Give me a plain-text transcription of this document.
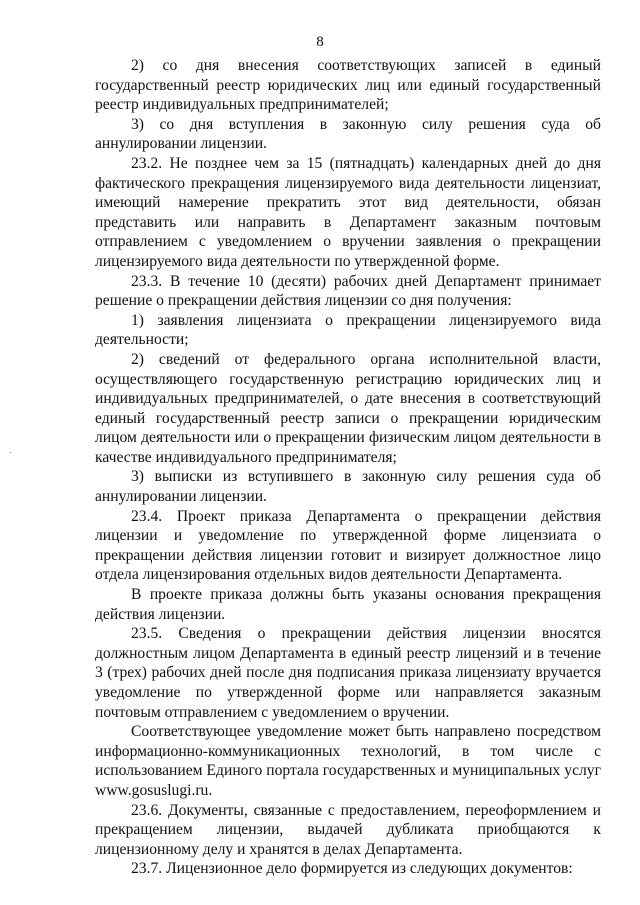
8

2) со дня внесения соответствующих записей в единый государственный реестр юридических лиц или единый государственный реестр индивидуальных предпринимателей;

3) со дня вступления в законную силу решения суда об аннулировании лицензии.

23.2. Не позднее чем за 15 (пятнадцать) календарных дней до дня фактического прекращения лицензируемого вида деятельности лицензиат, имеющий намерение прекратить этот вид деятельности, обязан представить или направить в Департамент заказным почтовым отправлением с уведомлением о вручении заявления о прекращении лицензируемого вида деятельности по утвержденной форме.

23.3. В течение 10 (десяти) рабочих дней Департамент принимает решение о прекращении действия лицензии со дня получения:

1) заявления лицензиата о прекращении лицензируемого вида деятельности;

2) сведений от федерального органа исполнительной власти, осуществляющего государственную регистрацию юридических лиц и индивидуальных предпринимателей, о дате внесения в соответствующий единый государственный реестр записи о прекращении юридическим лицом деятельности или о прекращении физическим лицом деятельности в качестве индивидуального предпринимателя;

3) выписки из вступившего в законную силу решения суда об аннулировании лицензии.

23.4. Проект приказа Департамента о прекращении действия лицензии и уведомление по утвержденной форме лицензиата о прекращении действия лицензии готовит и визирует должностное лицо отдела лицензирования отдельных видов деятельности Департамента.

В проекте приказа должны быть указаны основания прекращения действия лицензии.

23.5. Сведения о прекращении действия лицензии вносятся должностным лицом Департамента в единый реестр лицензий и в течение 3 (трех) рабочих дней после дня подписания приказа лицензиату вручается уведомление по утвержденной форме или направляется заказным почтовым отправлением с уведомлением о вручении.

Соответствующее уведомление может быть направлено посредством информационно-коммуникационных технологий, в том числе с использованием Единого портала государственных и муниципальных услуг www.gosuslugi.ru.

23.6. Документы, связанные с предоставлением, переоформлением и прекращением лицензии, выдачей дубликата приобщаются к лицензионному делу и хранятся в делах Департамента.

23.7. Лицензионное дело формируется из следующих документов:
